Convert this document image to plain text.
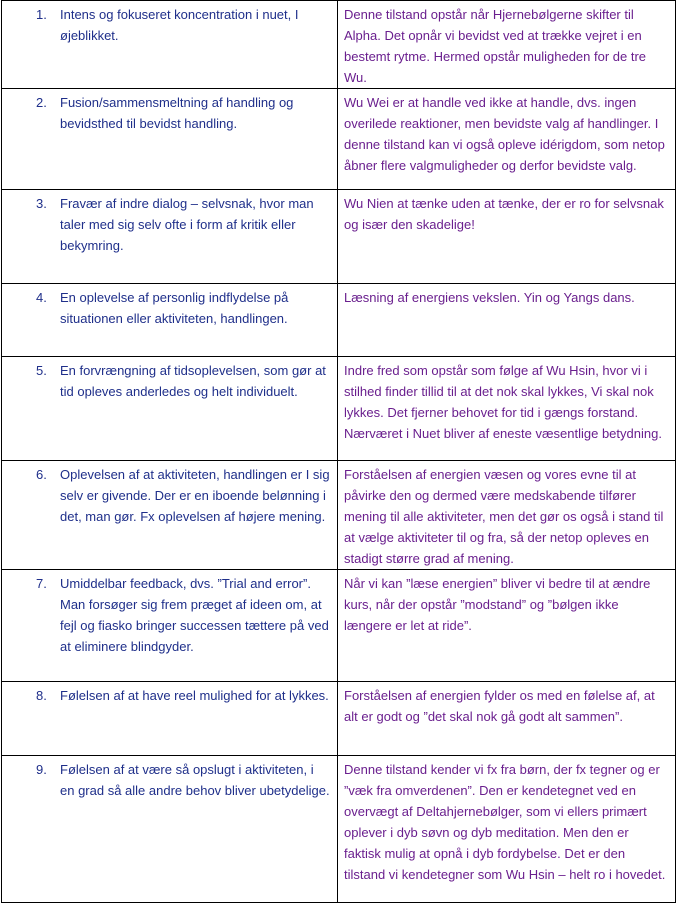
1. Intens og fokuseret koncentration i nuet, I øjeblikket.	Denne tilstand opstår når Hjernebølgerne skifter til Alpha. Det opnår vi bevidst ved at trække vejret i en bestemt rytme. Hermed opstår muligheden for de tre Wu.

2. Fusion/sammensmeltning af handling og bevidsthed til bevidst handling.	Wu Wei er at handle ved ikke at handle, dvs. ingen overilede reaktioner, men bevidste valg af handlinger. I denne tilstand kan vi også opleve idérigdom, som netop åbner flere valgmuligheder og derfor bevidste valg.

3. Fravær af indre dialog – selvsnak, hvor man taler med sig selv ofte i form af kritik eller bekymring.	Wu Nien at tænke uden at tænke, der er ro for selvsnak og især den skadelige!

4. En oplevelse af personlig indflydelse på situationen eller aktiviteten, handlingen.	Læsning af energiens vekslen. Yin og Yangs dans.

5. En forvrængning af tidsoplevelsen, som gør at tid opleves anderledes og helt individuelt.	Indre fred som opstår som følge af Wu Hsin, hvor vi i stilhed finder tillid til at det nok skal lykkes, Vi skal nok lykkes. Det fjerner behovet for tid i gængs forstand. Nærværet i Nuet bliver af eneste væsentlige betydning.

6. Oplevelsen af at aktiviteten, handlingen er I sig selv er givende. Der er en iboende belønning i det, man gør. Fx oplevelsen af højere mening.	Forståelsen af energien væsen og vores evne til at påvirke den og dermed være medskabende tilfører mening til alle aktiviteter, men det gør os også i stand til at vælge aktiviteter til og fra, så der netop opleves en stadigt større grad af mening.

7. Umiddelbar feedback, dvs. ”Trial and error”. Man forsøger sig frem præget af ideen om, at fejl og fiasko bringer successen tættere på ved at eliminere blindgyder.	Når vi kan ”læse energien” bliver vi bedre til at ændre kurs, når der opstår ”modstand” og ”bølgen ikke længere er let at ride”.

8. Følelsen af at have reel mulighed for at lykkes.	Forståelsen af energien fylder os med en følelse af, at alt er godt og ”det skal nok gå godt alt sammen”.

9. Følelsen af at være så opslugt i aktiviteten, i en grad så alle andre behov bliver ubetydelige.	Denne tilstand kender vi fx fra børn, der fx tegner og er ”væk fra omverdenen”. Den er kendetegnet ved en overvægt af Deltahjernebølger, som vi ellers primært oplever i dyb søvn og dyb meditation. Men den er faktisk mulig at opnå i dyb fordybelse. Det er den tilstand vi kendetegner som Wu Hsin – helt ro i hovedet.
